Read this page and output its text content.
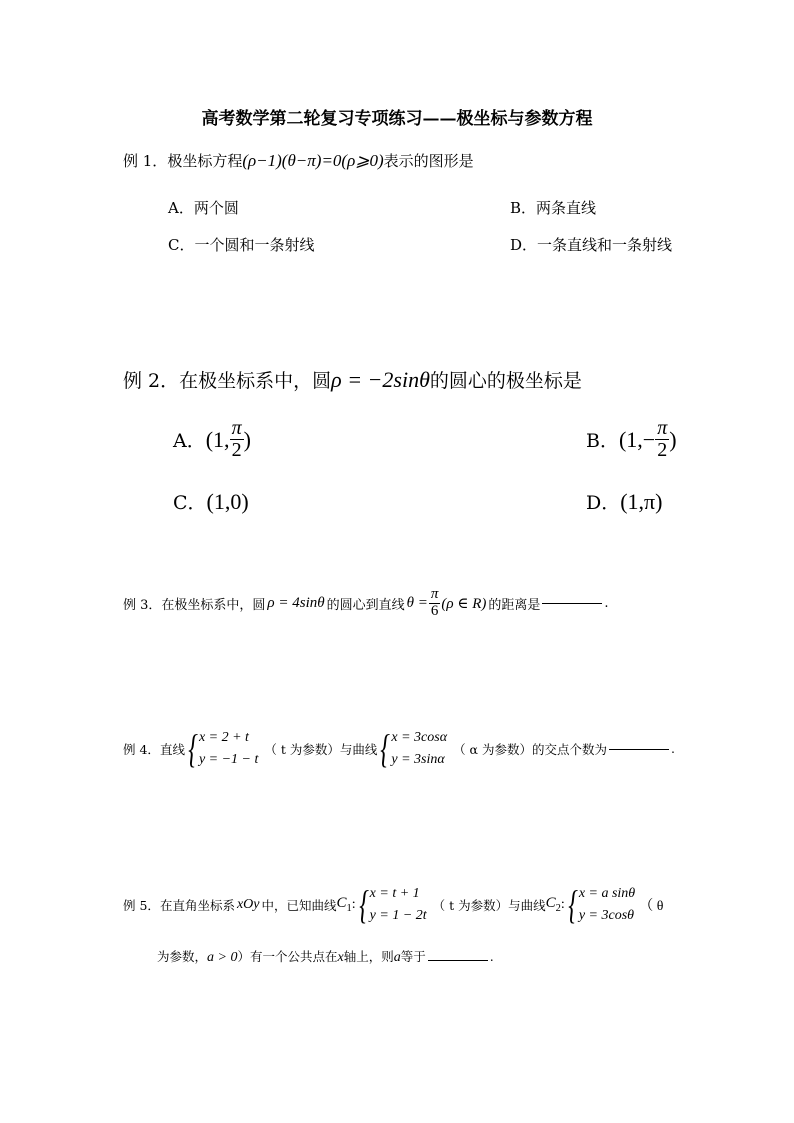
高考数学第二轮复习专项练习——极坐标与参数方程
例 1．极坐标方程(ρ−1)(θ−π)=0(ρ⩾0)表示的图形是
A．两个圆	B．两条直线
C．一个圆和一条射线	D．一条直线和一条射线
例 2．在极坐标系中，圆ρ = −2sinθ的圆心的极坐标是
A． (1, $\frac{\pi}{2}$ )	B． ($1,- \frac{\pi}{2}$ )
C．(1,0)	D．(1,π)
例 3． 在极坐标系中，圆 ρ = 4sinθ 的圆心到直线 $\theta = \frac{\pi}{6} (\rho$ ∈ R) 的距离是	.
例 4． 直线 { x = 2 + t
y = −1 − t
（ t 为参数）与曲线 { x = 3cosα
y = 3sinα
（ α 为参数）的交点个数为	.
例 5． 在直角坐标系 xOy 中，已知曲线 $C_1$ : { x = t + 1
y = 1 − 2t
（ t 为参数）与曲线 $C_2$ : { x = a sinθ
y = 3cosθ
（ θ
为参数，a > 0）有一个公共点在x轴上，则a等于	.
